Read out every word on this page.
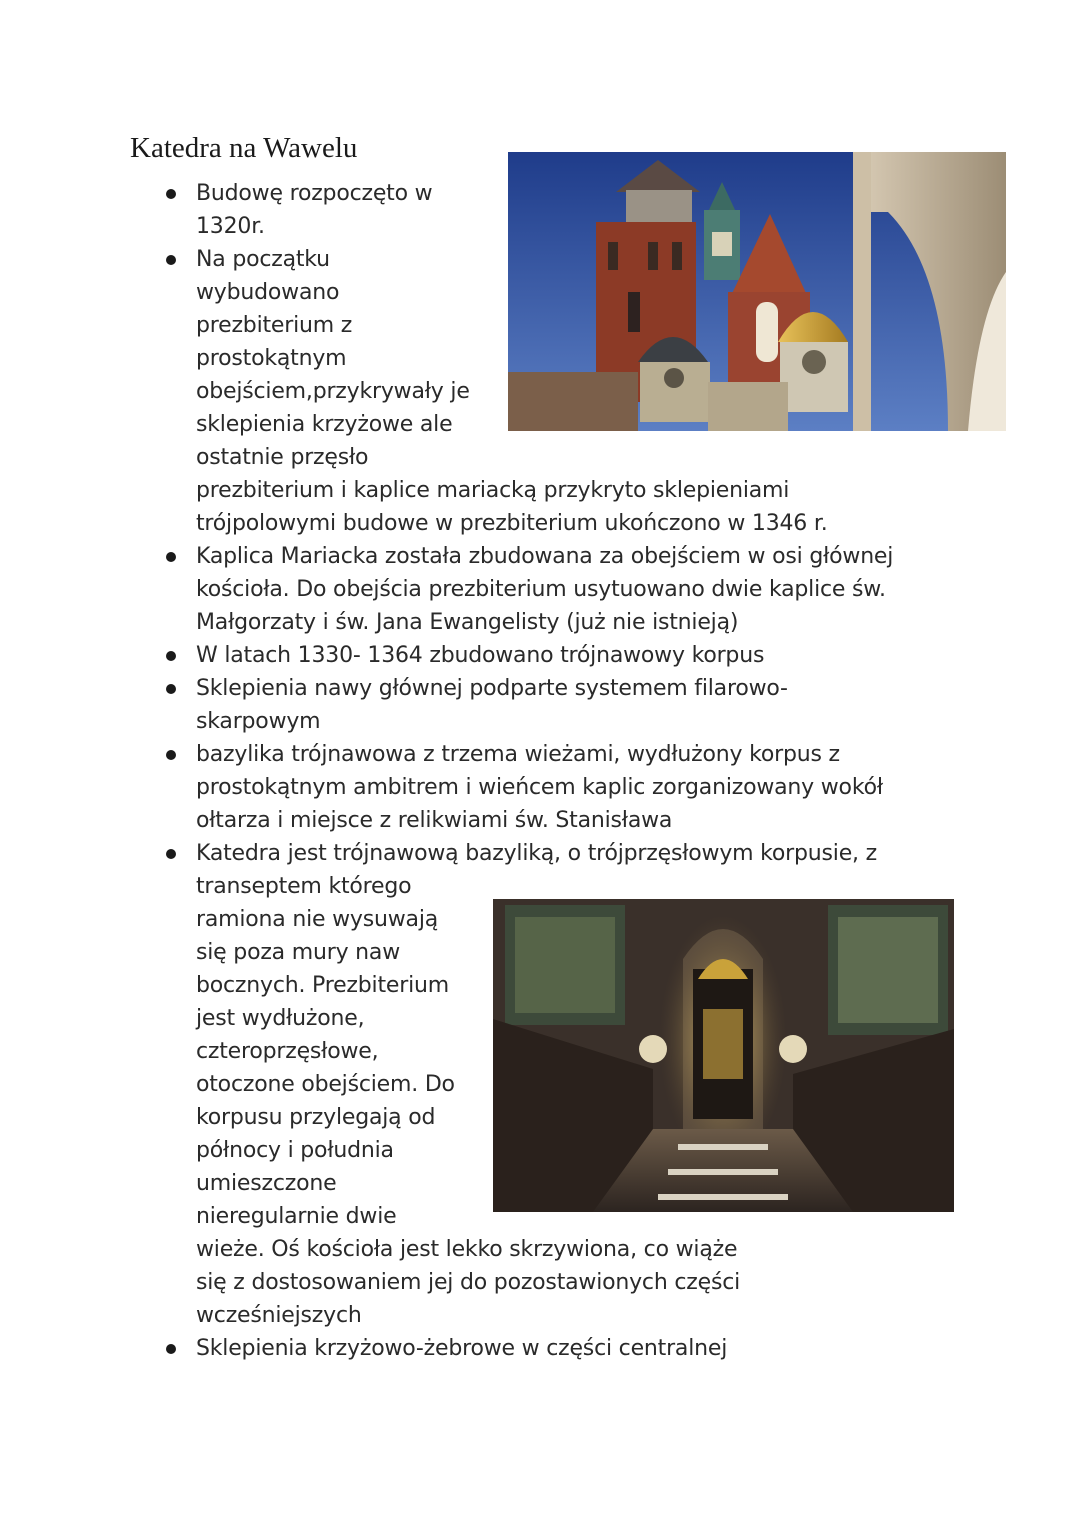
Katedra na Wawelu
Budowę rozpoczęto w
1320r.
Na początku
wybudowano
prezbiterium z
prostokątnym
obejściem,przykrywały je
sklepienia krzyżowe ale
ostatnie przęsło
prezbiterium i kaplice mariacką przykryto sklepieniami
trójpolowymi budowe w prezbiterium ukończono w 1346 r.
Kaplica Mariacka została zbudowana za obejściem w osi głównej
kościoła. Do obejścia prezbiterium usytuowano dwie kaplice św.
Małgorzaty i św. Jana Ewangelisty (już nie istnieją)
W latach 1330- 1364 zbudowano trójnawowy korpus
Sklepienia nawy głównej podparte systemem filarowo-
skarpowym
bazylika trójnawowa z trzema wieżami, wydłużony korpus z
prostokątnym ambitrem i wieńcem kaplic zorganizowany wokół
ołtarza i miejsce z relikwiami św. Stanisława
Katedra jest trójnawową bazyliką, o trójprzęsłowym korpusie, z
transeptem którego
ramiona nie wysuwają
się poza mury naw
bocznych. Prezbiterium
jest wydłużone,
czteroprzęsłowe,
otoczone obejściem. Do
korpusu przylegają od
północy i południa
umieszczone
nieregularnie dwie
wieże. Oś kościoła jest lekko skrzywiona, co wiąże
się z dostosowaniem jej do pozostawionych części
wcześniejszych
Sklepienia krzyżowo-żebrowe w części centralnej
